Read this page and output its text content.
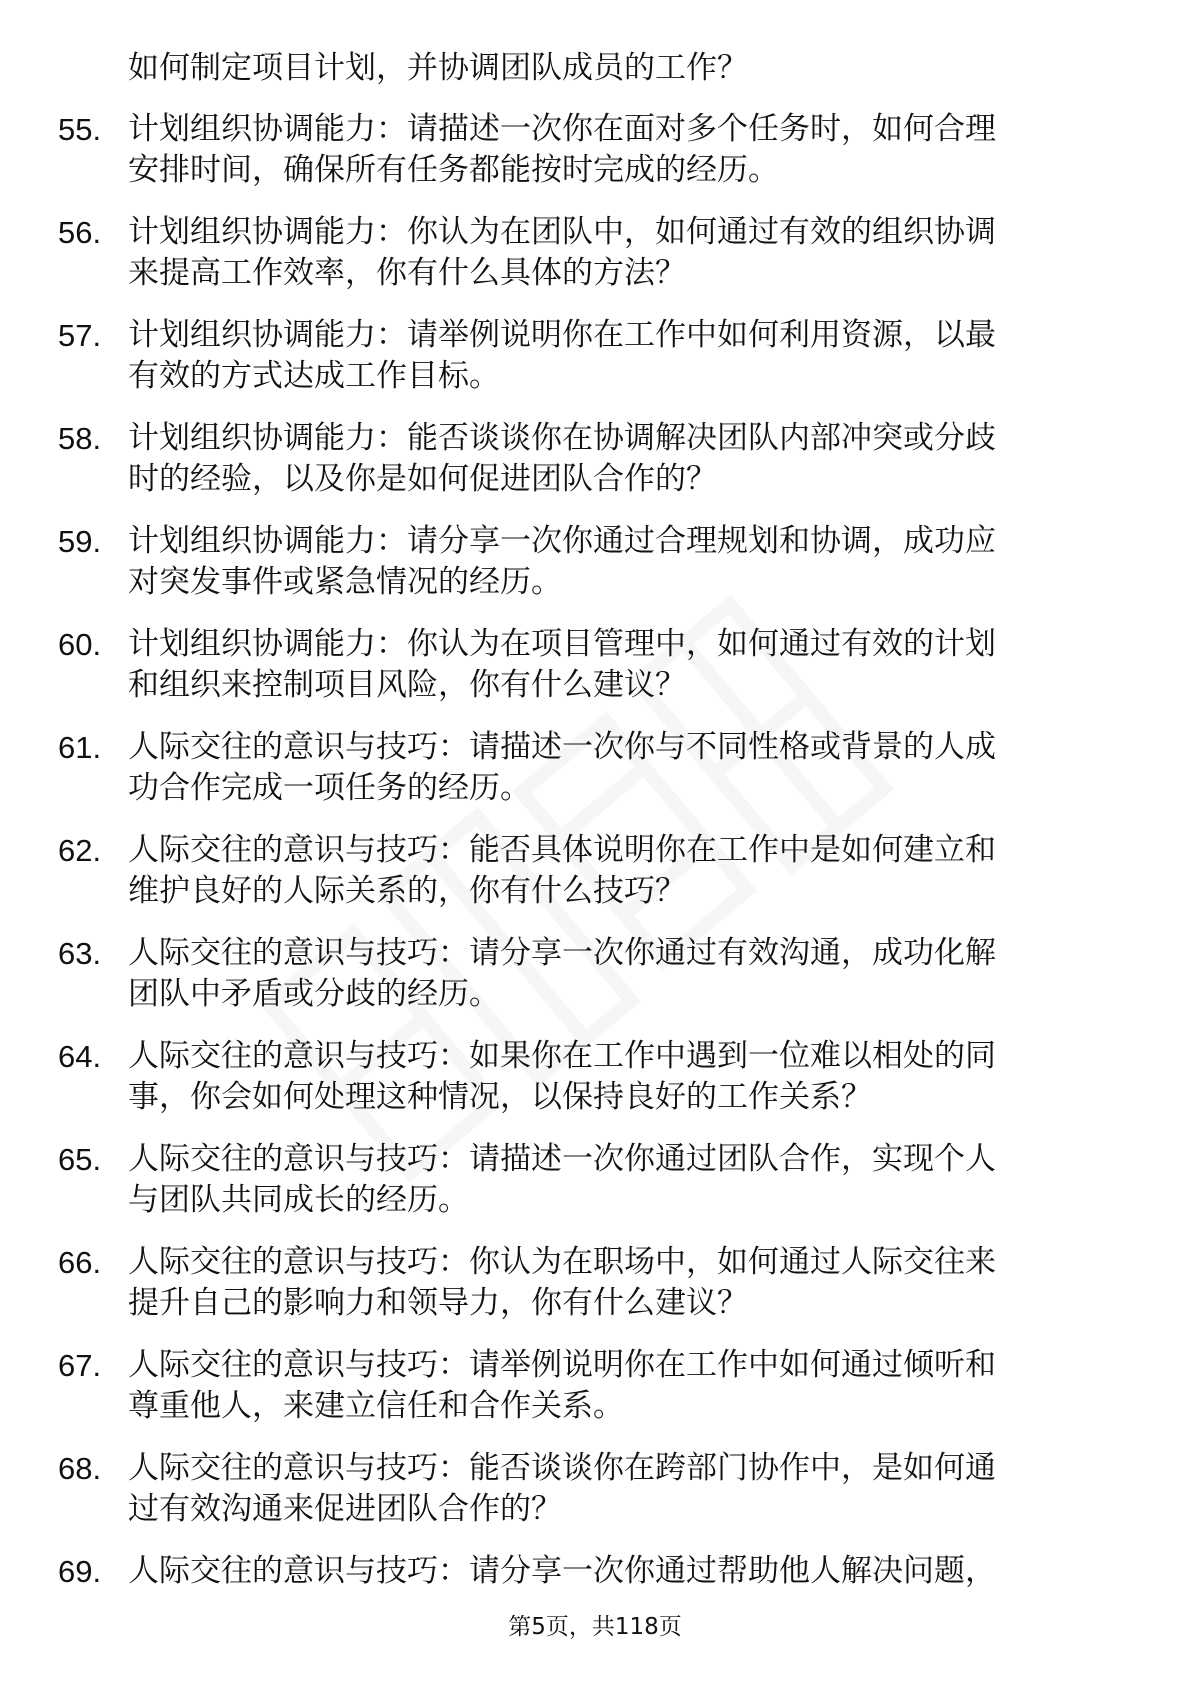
如何制定项目计划，并协调团队成员的工作？
55. 计划组织协调能力：请描述一次你在面对多个任务时，如何合理
安排时间，确保所有任务都能按时完成的经历。
56. 计划组织协调能力：你认为在团队中，如何通过有效的组织协调
来提高工作效率，你有什么具体的方法？
57. 计划组织协调能力：请举例说明你在工作中如何利用资源，以最
有效的方式达成工作目标。
58. 计划组织协调能力：能否谈谈你在协调解决团队内部冲突或分歧
时的经验，以及你是如何促进团队合作的？
59. 计划组织协调能力：请分享一次你通过合理规划和协调，成功应
对突发事件或紧急情况的经历。
60. 计划组织协调能力：你认为在项目管理中，如何通过有效的计划
和组织来控制项目风险，你有什么建议？
61. 人际交往的意识与技巧：请描述一次你与不同性格或背景的人成
功合作完成一项任务的经历。
62. 人际交往的意识与技巧：能否具体说明你在工作中是如何建立和
维护良好的人际关系的，你有什么技巧？
63. 人际交往的意识与技巧：请分享一次你通过有效沟通，成功化解
团队中矛盾或分歧的经历。
64. 人际交往的意识与技巧：如果你在工作中遇到一位难以相处的同
事，你会如何处理这种情况，以保持良好的工作关系？
65. 人际交往的意识与技巧：请描述一次你通过团队合作，实现个人
与团队共同成长的经历。
66. 人际交往的意识与技巧：你认为在职场中，如何通过人际交往来
提升自己的影响力和领导力，你有什么建议？
67. 人际交往的意识与技巧：请举例说明你在工作中如何通过倾听和
尊重他人，来建立信任和合作关系。
68. 人际交往的意识与技巧：能否谈谈你在跨部门协作中，是如何通
过有效沟通来促进团队合作的？
69. 人际交往的意识与技巧：请分享一次你通过帮助他人解决问题，
第5页，共118页
